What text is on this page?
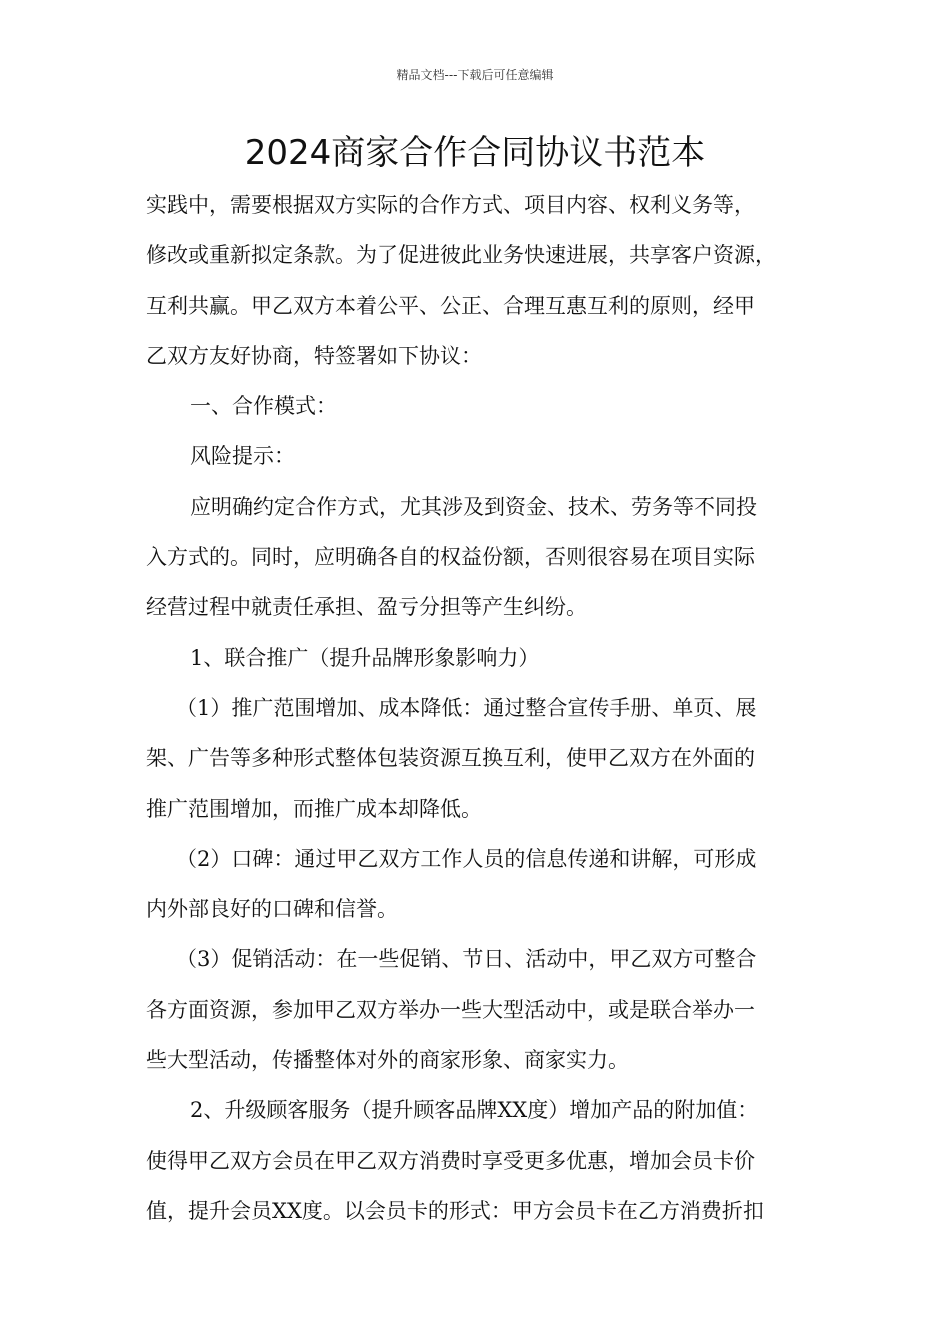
精品文档---下载后可任意编辑
2024商家合作合同协议书范本
实践中，需要根据双方实际的合作方式、项目内容、权利义务等，
修改或重新拟定条款。为了促进彼此业务快速进展，共享客户资源，
互利共赢。甲乙双方本着公平、公正、合理互惠互利的原则，经甲
乙双方友好协商，特签署如下协议：
一、合作模式：
风险提示：
应明确约定合作方式，尤其涉及到资金、技术、劳务等不同投
入方式的。同时，应明确各自的权益份额，否则很容易在项目实际
经营过程中就责任承担、盈亏分担等产生纠纷。
1、联合推广（提升品牌形象影响力）
（1）推广范围增加、成本降低：通过整合宣传手册、单页、展
架、广告等多种形式整体包装资源互换互利，使甲乙双方在外面的
推广范围增加，而推广成本却降低。
（2）口碑：通过甲乙双方工作人员的信息传递和讲解，可形成
内外部良好的口碑和信誉。
（3）促销活动：在一些促销、节日、活动中，甲乙双方可整合
各方面资源，参加甲乙双方举办一些大型活动中，或是联合举办一
些大型活动，传播整体对外的商家形象、商家实力。
2、升级顾客服务（提升顾客品牌XX度）增加产品的附加值：
使得甲乙双方会员在甲乙双方消费时享受更多优惠，增加会员卡价
值，提升会员XX度。以会员卡的形式：甲方会员卡在乙方消费折扣
